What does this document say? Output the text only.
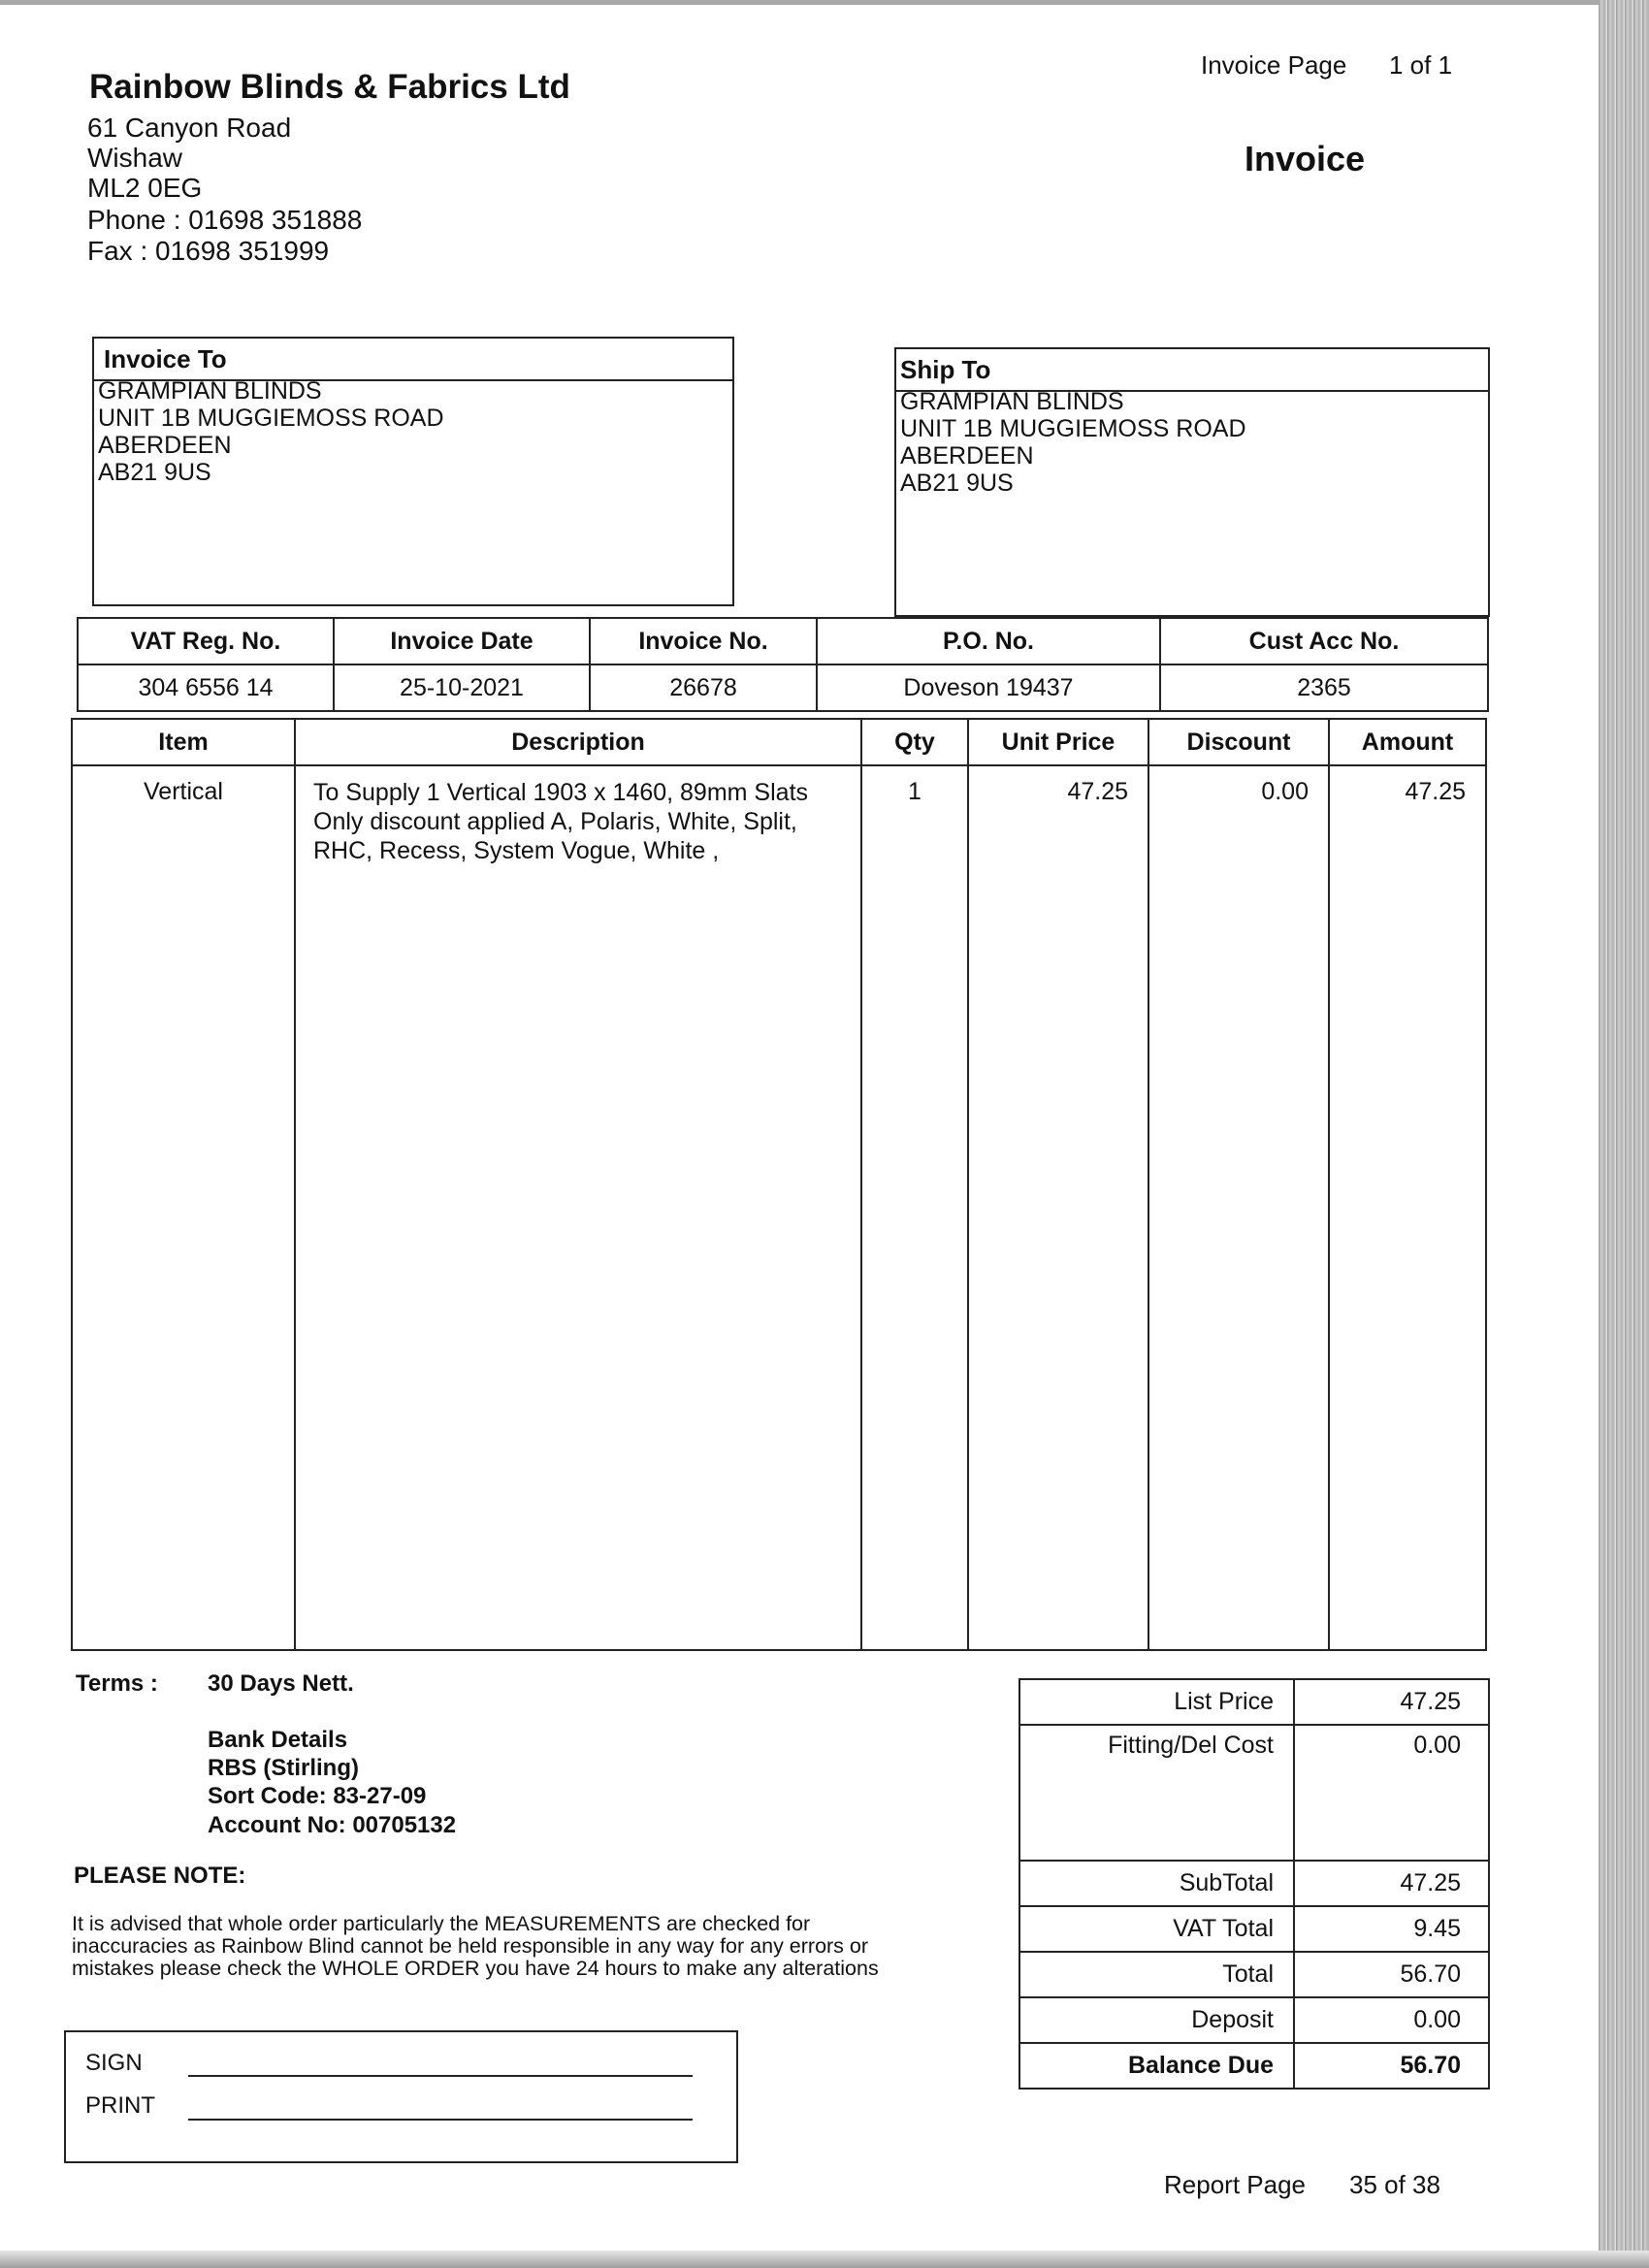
Rainbow Blinds & Fabrics Ltd
61 Canyon Road
Wishaw
ML2 0EG
Phone : 01698 351888
Fax : 01698 351999
Invoice Page 1 of 1
Invoice
Invoice To
GRAMPIAN BLINDS
UNIT 1B MUGGIEMOSS ROAD
ABERDEEN
AB21 9US
Ship To
GRAMPIAN BLINDS
UNIT 1B MUGGIEMOSS ROAD
ABERDEEN
AB21 9US
VAT Reg. No.	Invoice Date	Invoice No.	P.O. No.	Cust Acc No.
304 6556 14	25-10-2021	26678	Doveson 19437	2365
Item	Description	Qty	Unit Price	Discount	Amount
Vertical	To Supply 1 Vertical 1903 x 1460, 89mm Slats
Only discount applied A, Polaris, White, Split,
RHC, Recess, System Vogue, White ,	1	47.25	0.00	47.25
Terms : 30 Days Nett.
Bank Details
RBS (Stirling)
Sort Code: 83-27-09
Account No: 00705132
PLEASE NOTE:
It is advised that whole order particularly the MEASUREMENTS are checked for
inaccuracies as Rainbow Blind cannot be held responsible in any way for any errors or
mistakes please check the WHOLE ORDER you have 24 hours to make any alterations
List Price	47.25
Fitting/Del Cost	0.00
SubTotal	47.25
VAT Total	9.45
Total	56.70
Deposit	0.00
Balance Due	56.70
SIGN
PRINT
Report Page 35 of 38
